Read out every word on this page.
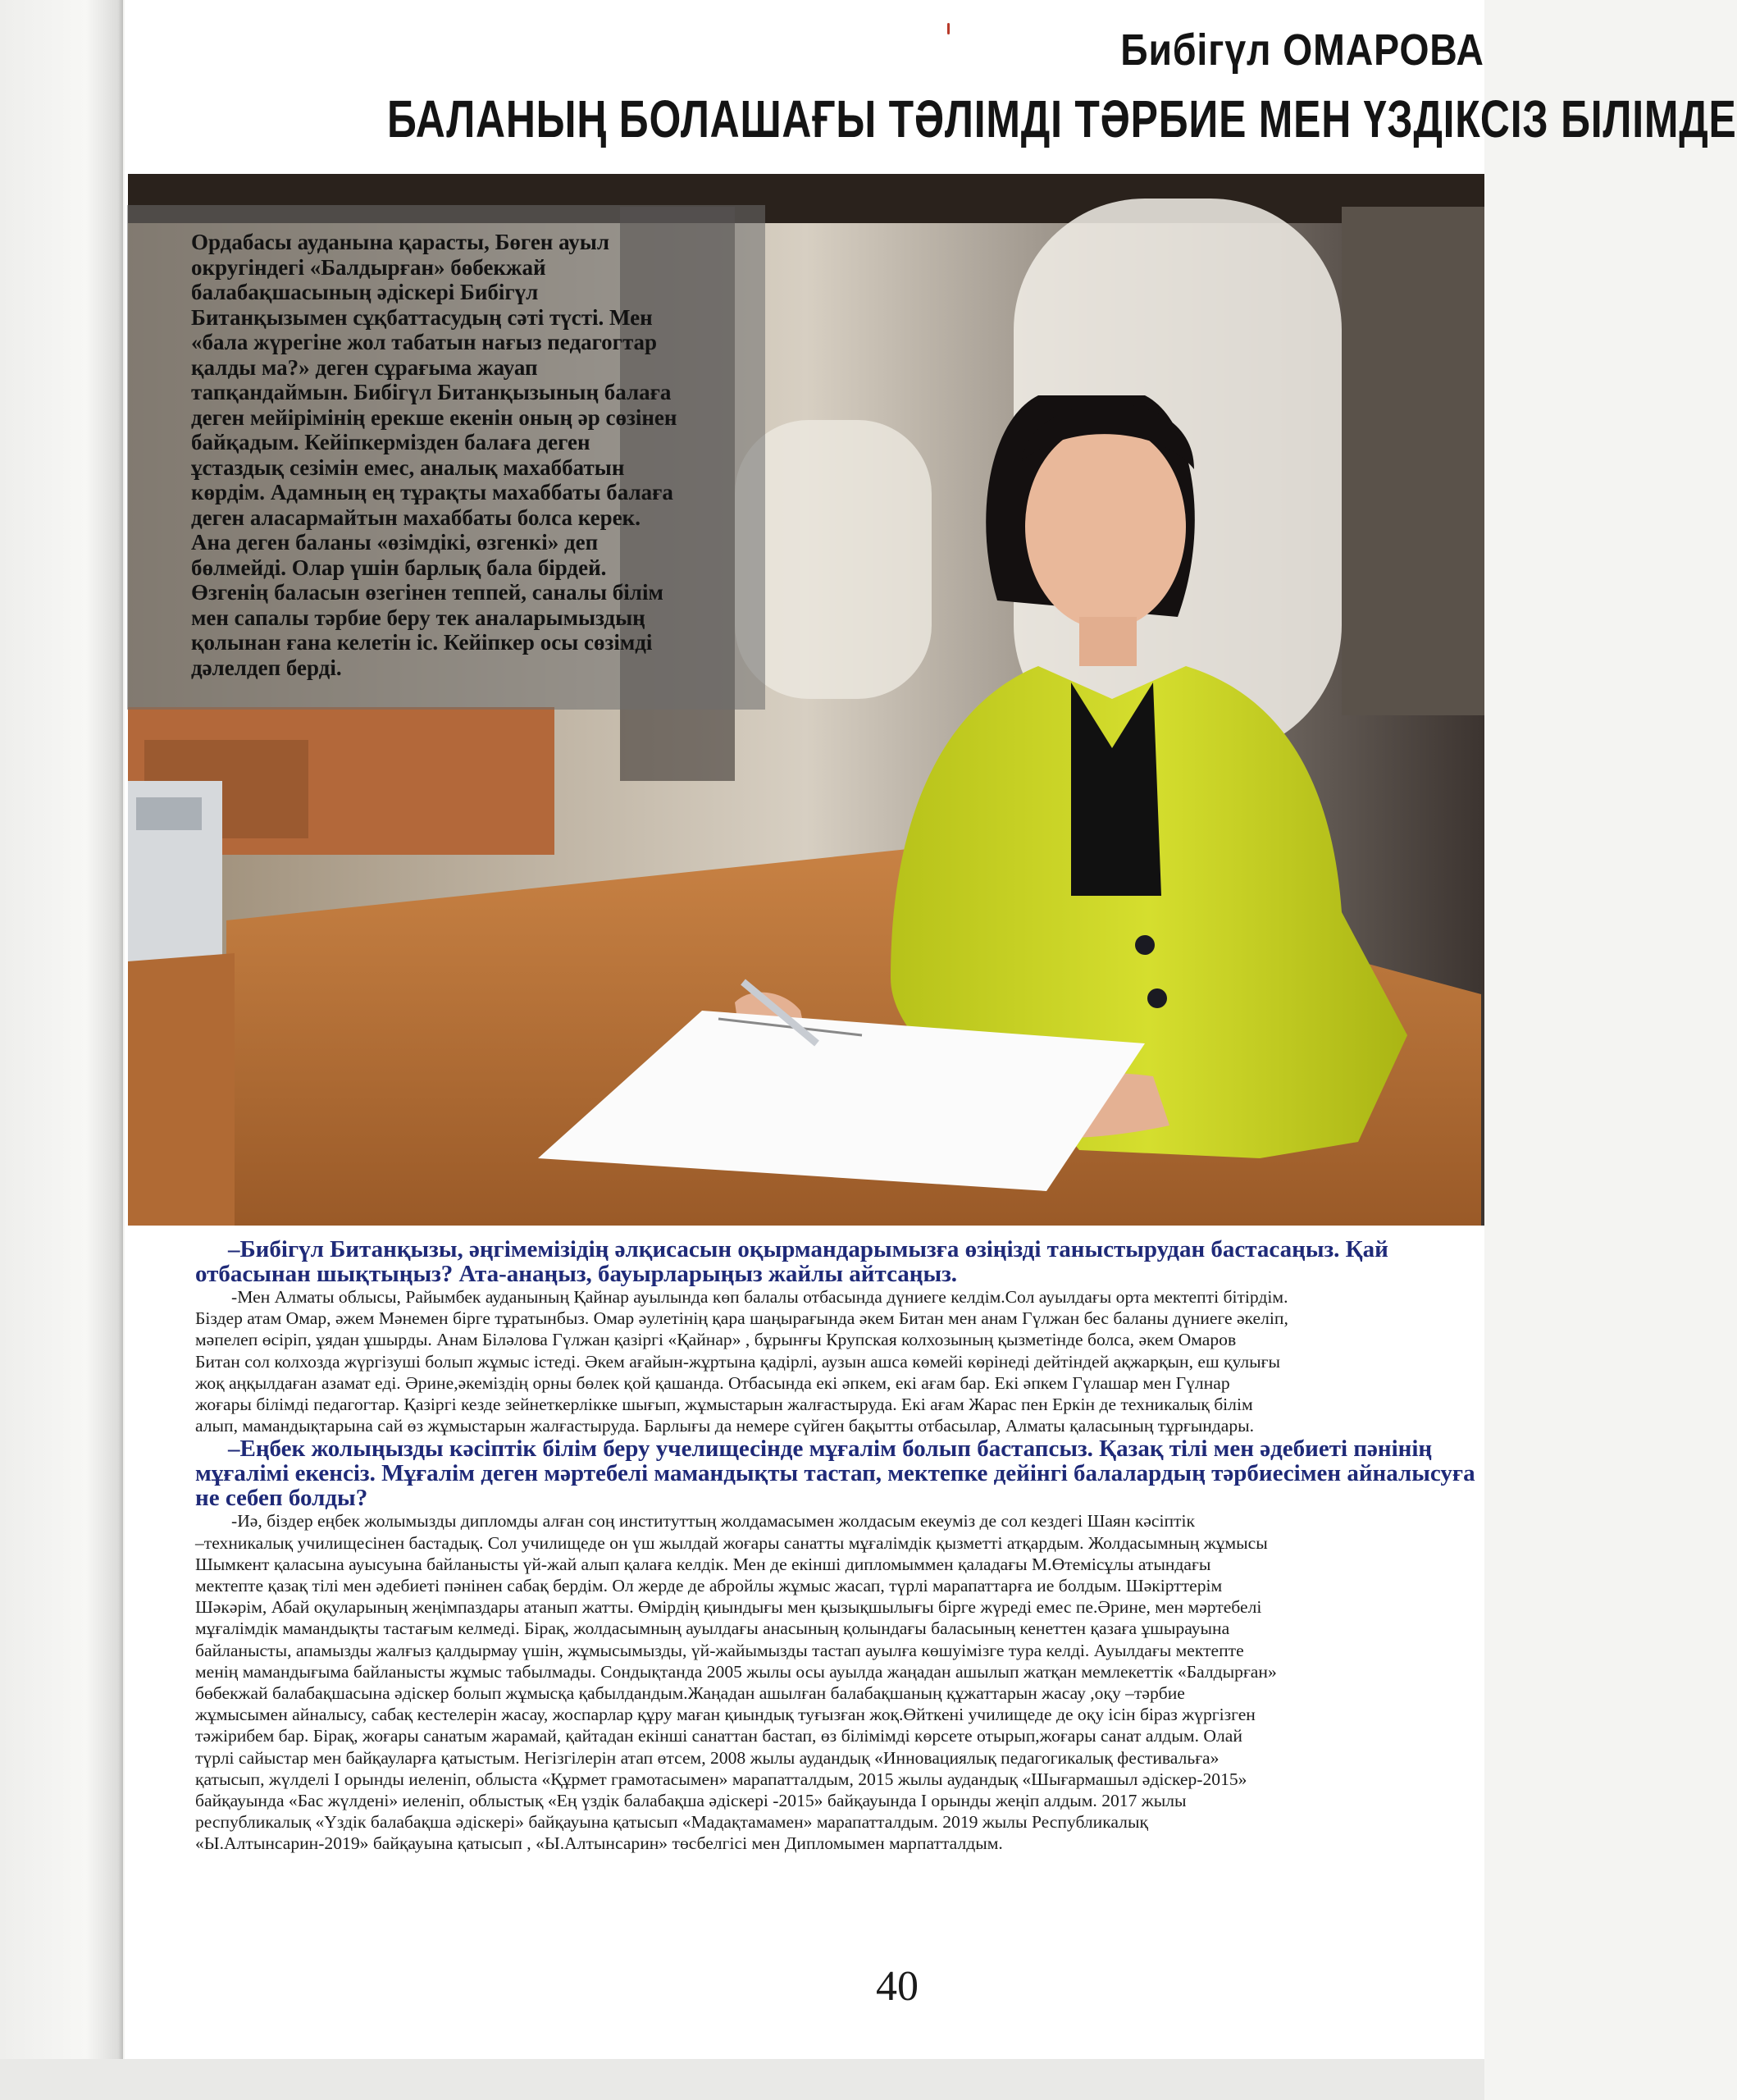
Бибігүл ОМАРОВА
БАЛАНЫҢ БОЛАШАҒЫ ТӘЛІМДІ ТӘРБИЕ МЕН ҮЗДІКСІЗ БІЛІМДЕ
Ордабасы ауданына қарасты, Бөген ауыл
округіндегі «Балдырған» бөбекжай
балабақшасының әдіскері Бибігүл
Битанқызымен сұқбаттасудың сәті түсті. Мен
«бала жүрегіне жол табатын нағыз педагогтар
қалды ма?» деген сұрағыма жауап
тапқандаймын. Бибігүл Битанқызының балаға
деген мейірімінің ерекше екенін оның әр сөзінен
байқадым. Кейіпкермізден балаға деген
ұстаздық сезімін емес, аналық махаббатын
көрдім. Адамның ең тұрақты махаббаты балаға
деген аласармайтын махаббаты болса керек.
Ана деген баланы «өзімдікі, өзгенкі» деп
бөлмейді. Олар үшін барлық бала бірдей.
Өзгенің баласын өзегінен теппей, саналы білім
мен сапалы тәрбие беру тек аналарымыздың
қолынан ғана келетін іс. Кейіпкер осы сөзімді
дәлелдеп берді.
–Бибігүл Битанқызы, әңгімемізідің әлқисасын оқырмандарымызға өзіңізді таныстырудан бастасаңыз. Қай
отбасынан шықтыңыз? Ата-анаңыз, бауырларыңыз жайлы айтсаңыз.
-Мен Алматы облысы, Райымбек ауданының Қайнар ауылында көп балалы отбасында дүниеге келдім.Сол ауылдағы орта мектепті бітірдім.
Біздер атам Омар, әжем Мәнемен бірге тұратынбыз. Омар әулетінің қара шаңырағында әкем Битан мен анам Гүлжан бес баланы дүниеге әкеліп,
мәпелеп өсіріп, ұядан ұшырды. Анам Біләлова Гүлжан қазіргі «Қайнар» , бұрынғы Крупская колхозының қызметінде болса, әкем Омаров
Битан сол колхозда жүргізуші болып жұмыс істеді. Әкем ағайын-жұртына қадірлі, аузын ашса көмейі көрінеді дейтіндей ақжарқын, еш қулығы
жоқ аңқылдаған азамат еді. Әрине,әкеміздің орны бөлек қой қашанда. Отбасында екі әпкем, екі ағам бар. Екі әпкем Гүлашар мен Гүлнар
жоғары білімді педагогтар. Қазіргі кезде зейнеткерлікке шығып, жұмыстарын жалғастыруда. Екі ағам Жарас пен Еркін де техникалық білім
алып, мамандықтарына сай өз жұмыстарын жалғастыруда. Барлығы да немере сүйген бақытты отбасылар, Алматы қаласының тұрғындары.
–Еңбек жолыңызды кәсіптік білім беру учелищесінде мұғалім болып бастапсыз. Қазақ тілі мен әдебиеті пәнінің
мұғалімі екенсіз. Мұғалім деген мәртебелі мамандықты тастап, мектепке дейінгі балалардың тәрбиесімен айналысуға
не себеп болды?
-Иә, біздер еңбек жолымызды дипломды алған соң институттың жолдамасымен жолдасым екеуміз де сол кездегі Шаян кәсіптік
–техникалық училищесінен бастадық. Сол училищеде он үш жылдай жоғары санатты мұғалімдік қызметті атқардым. Жолдасымның жұмысы
Шымкент қаласына ауысуына байланысты үй-жай алып қалаға келдік. Мен де екінші дипломыммен қаладағы М.Өтемісұлы атындағы
мектепте қазақ тілі мен әдебиеті пәнінен сабақ бердім. Ол жерде де абройлы жұмыс жасап, түрлі марапаттарға ие болдым. Шәкірттерім
Шәкәрім, Абай оқуларының жеңімпаздары атанып жатты. Өмірдің қиындығы мен қызықшылығы бірге жүреді емес пе.Әрине, мен мәртебелі
мұғалімдік мамандықты тастағым келмеді. Бірақ, жолдасымның ауылдағы анасының қолындағы баласының кенеттен қазаға ұшырауына
байланысты, апамызды жалғыз қалдырмау үшін, жұмысымызды, үй-жайымызды тастап ауылға көшуімізге тура келді. Ауылдағы мектепте
менің мамандығыма байланысты жұмыс табылмады. Сондықтанда 2005 жылы осы ауылда жаңадан ашылып жатқан мемлекеттік «Балдырған»
бөбекжай балабақшасына әдіскер болып жұмысқа қабылдандым.Жаңадан ашылған балабақшаның құжаттарын жасау ,оқу –тәрбие
жұмысымен айналысу, сабақ кестелерін жасау, жоспарлар құру маған қиындық туғызған жоқ.Өйткені училищеде де оқу ісін біраз жүргізген
тәжірибем бар. Бірақ, жоғары санатым жарамай, қайтадан екінші санаттан бастап, өз білімімді көрсете отырып,жоғары санат алдым. Олай
түрлі сайыстар мен байқауларға қатыстым. Негізгілерін атап өтсем, 2008 жылы аудандық «Инновациялық педагогикалық фестивальға»
қатысып, жүлделі І орынды иеленіп, облыста «Құрмет грамотасымен» марапатталдым, 2015 жылы аудандық «Шығармашыл әдіскер-2015»
байқауында «Бас жүлдені» иеленіп, облыстық «Ең үздік балабақша әдіскері -2015» байқауында І орынды жеңіп алдым. 2017 жылы
республикалық «Үздік балабақша әдіскері» байқауына қатысып «Мадақтамамен» марапатталдым. 2019 жылы Республикалық
«Ы.Алтынсарин-2019» байқауына қатысып , «Ы.Алтынсарин» төсбелгісі мен Дипломымен марпатталдым.
40
